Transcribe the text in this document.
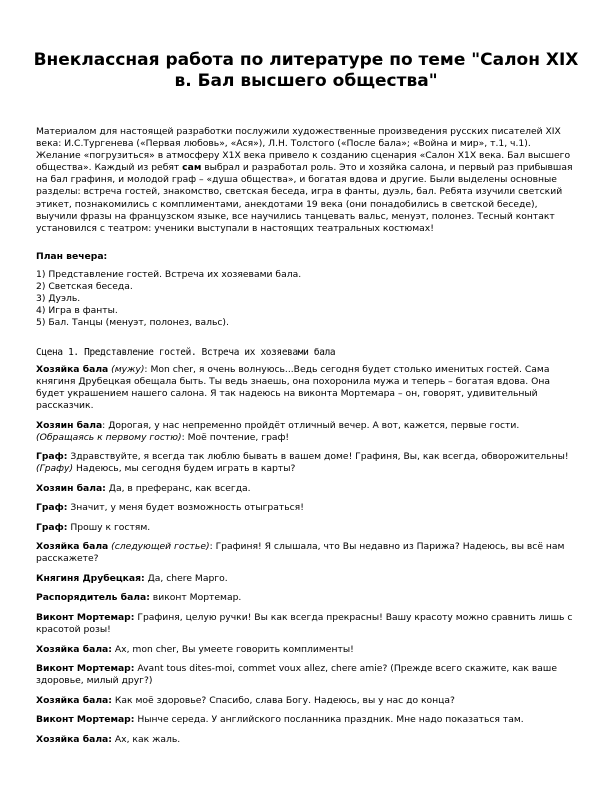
Внеклассная работа по литературе по теме "Салон XIX
в. Бал высшего общества"
Материалом для настоящей разработки послужили художественные произведения русских писателей XIX века: И.С.Тургенева («Первая любовь», «Ася»), Л.Н. Толстого («После бала»; «Война и мир», т.1, ч.1). Желание «погрузиться» в атмосферу Х1Х века привело к созданию сценария «Салон Х1Х века. Бал высшего общества». Каждый из ребят сам выбрал и разработал роль. Это и хозяйка салона, и первый раз прибывшая на бал графиня, и молодой граф – «душа общества», и богатая вдова и другие. Были выделены основные разделы: встреча гостей, знакомство, светская беседа, игра в фанты, дуэль, бал. Ребята изучили светский этикет, познакомились с комплиментами, анекдотами 19 века (они понадобились в светской беседе), выучили фразы на французском языке, все научились танцевать вальс, менуэт, полонез. Тесный контакт установился с театром: ученики выступали в настоящих театральных костюмах!
План вечера:
1) Представление гостей. Встреча их хозяевами бала.
2) Светская беседа.
3) Дуэль.
4) Игра в фанты.
5) Бал. Танцы (менуэт, полонез, вальс).
Сцена 1. Представление гостей. Встреча их хозяевами бала
Хозяйка бала (мужу): Mon cher, я очень волнуюсь...Ведь сегодня будет столько именитых гостей. Сама княгиня Друбецкая обещала быть. Ты ведь знаешь, она похоронила мужа и теперь – богатая вдова. Она будет украшением нашего салона. Я так надеюсь на виконта Мортемара – он, говорят, удивительный рассказчик.
Хозяин бала: Дорогая, у нас непременно пройдёт отличный вечер. А вот, кажется, первые гости. (Обращаясь к первому гостю): Моё почтение, граф!
Граф: Здравствуйте, я всегда так люблю бывать в вашем доме! Графиня, Вы, как всегда, обворожительны! (Графу) Надеюсь, мы сегодня будем играть в карты?
Хозяин бала: Да, в преферанс, как всегда.
Граф: Значит, у меня будет возможность отыграться!
Граф: Прошу к гостям.
Хозяйка бала (следующей гостье): Графиня! Я слышала, что Вы недавно из Парижа? Надеюсь, вы всё нам расскажете?
Княгиня Друбецкая: Да, chere Марго.
Распорядитель бала: виконт Мортемар.
Виконт Мортемар: Графиня, целую ручки! Вы как всегда прекрасны! Вашу красоту можно сравнить лишь с красотой розы!
Хозяйка бала: Ах, mon cher, Вы умеете говорить комплименты!
Виконт Мортемар: Avant tous dites-moi, commet voux allez, chere amie? (Прежде всего скажите, как ваше здоровье, милый друг?)
Хозяйка бала: Как моё здоровье? Спасибо, слава Богу. Надеюсь, вы у нас до конца?
Виконт Мортемар: Нынче середа. У английского посланника праздник. Мне надо показаться там.
Хозяйка бала: Ах, как жаль.
